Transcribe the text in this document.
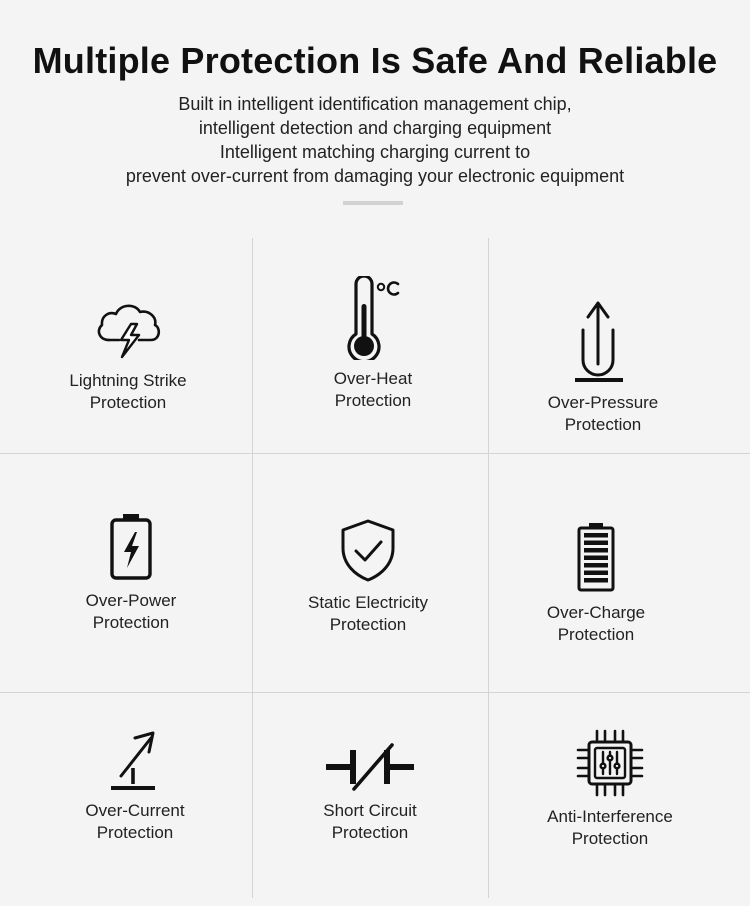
Multiple Protection Is Safe And Reliable
Built in intelligent identification management chip,
intelligent detection and charging equipment
Intelligent matching charging current to
prevent over-current from damaging your electronic equipment
Lightning Strike
Protection
Over-Heat
Protection	Over-Pressure
Protection
Over-Power
Protection
Static Electricity
Protection
Over-Charge
Protection
Over-Current
Protection
Short Circuit
Protection
Anti-Interference
Protection
